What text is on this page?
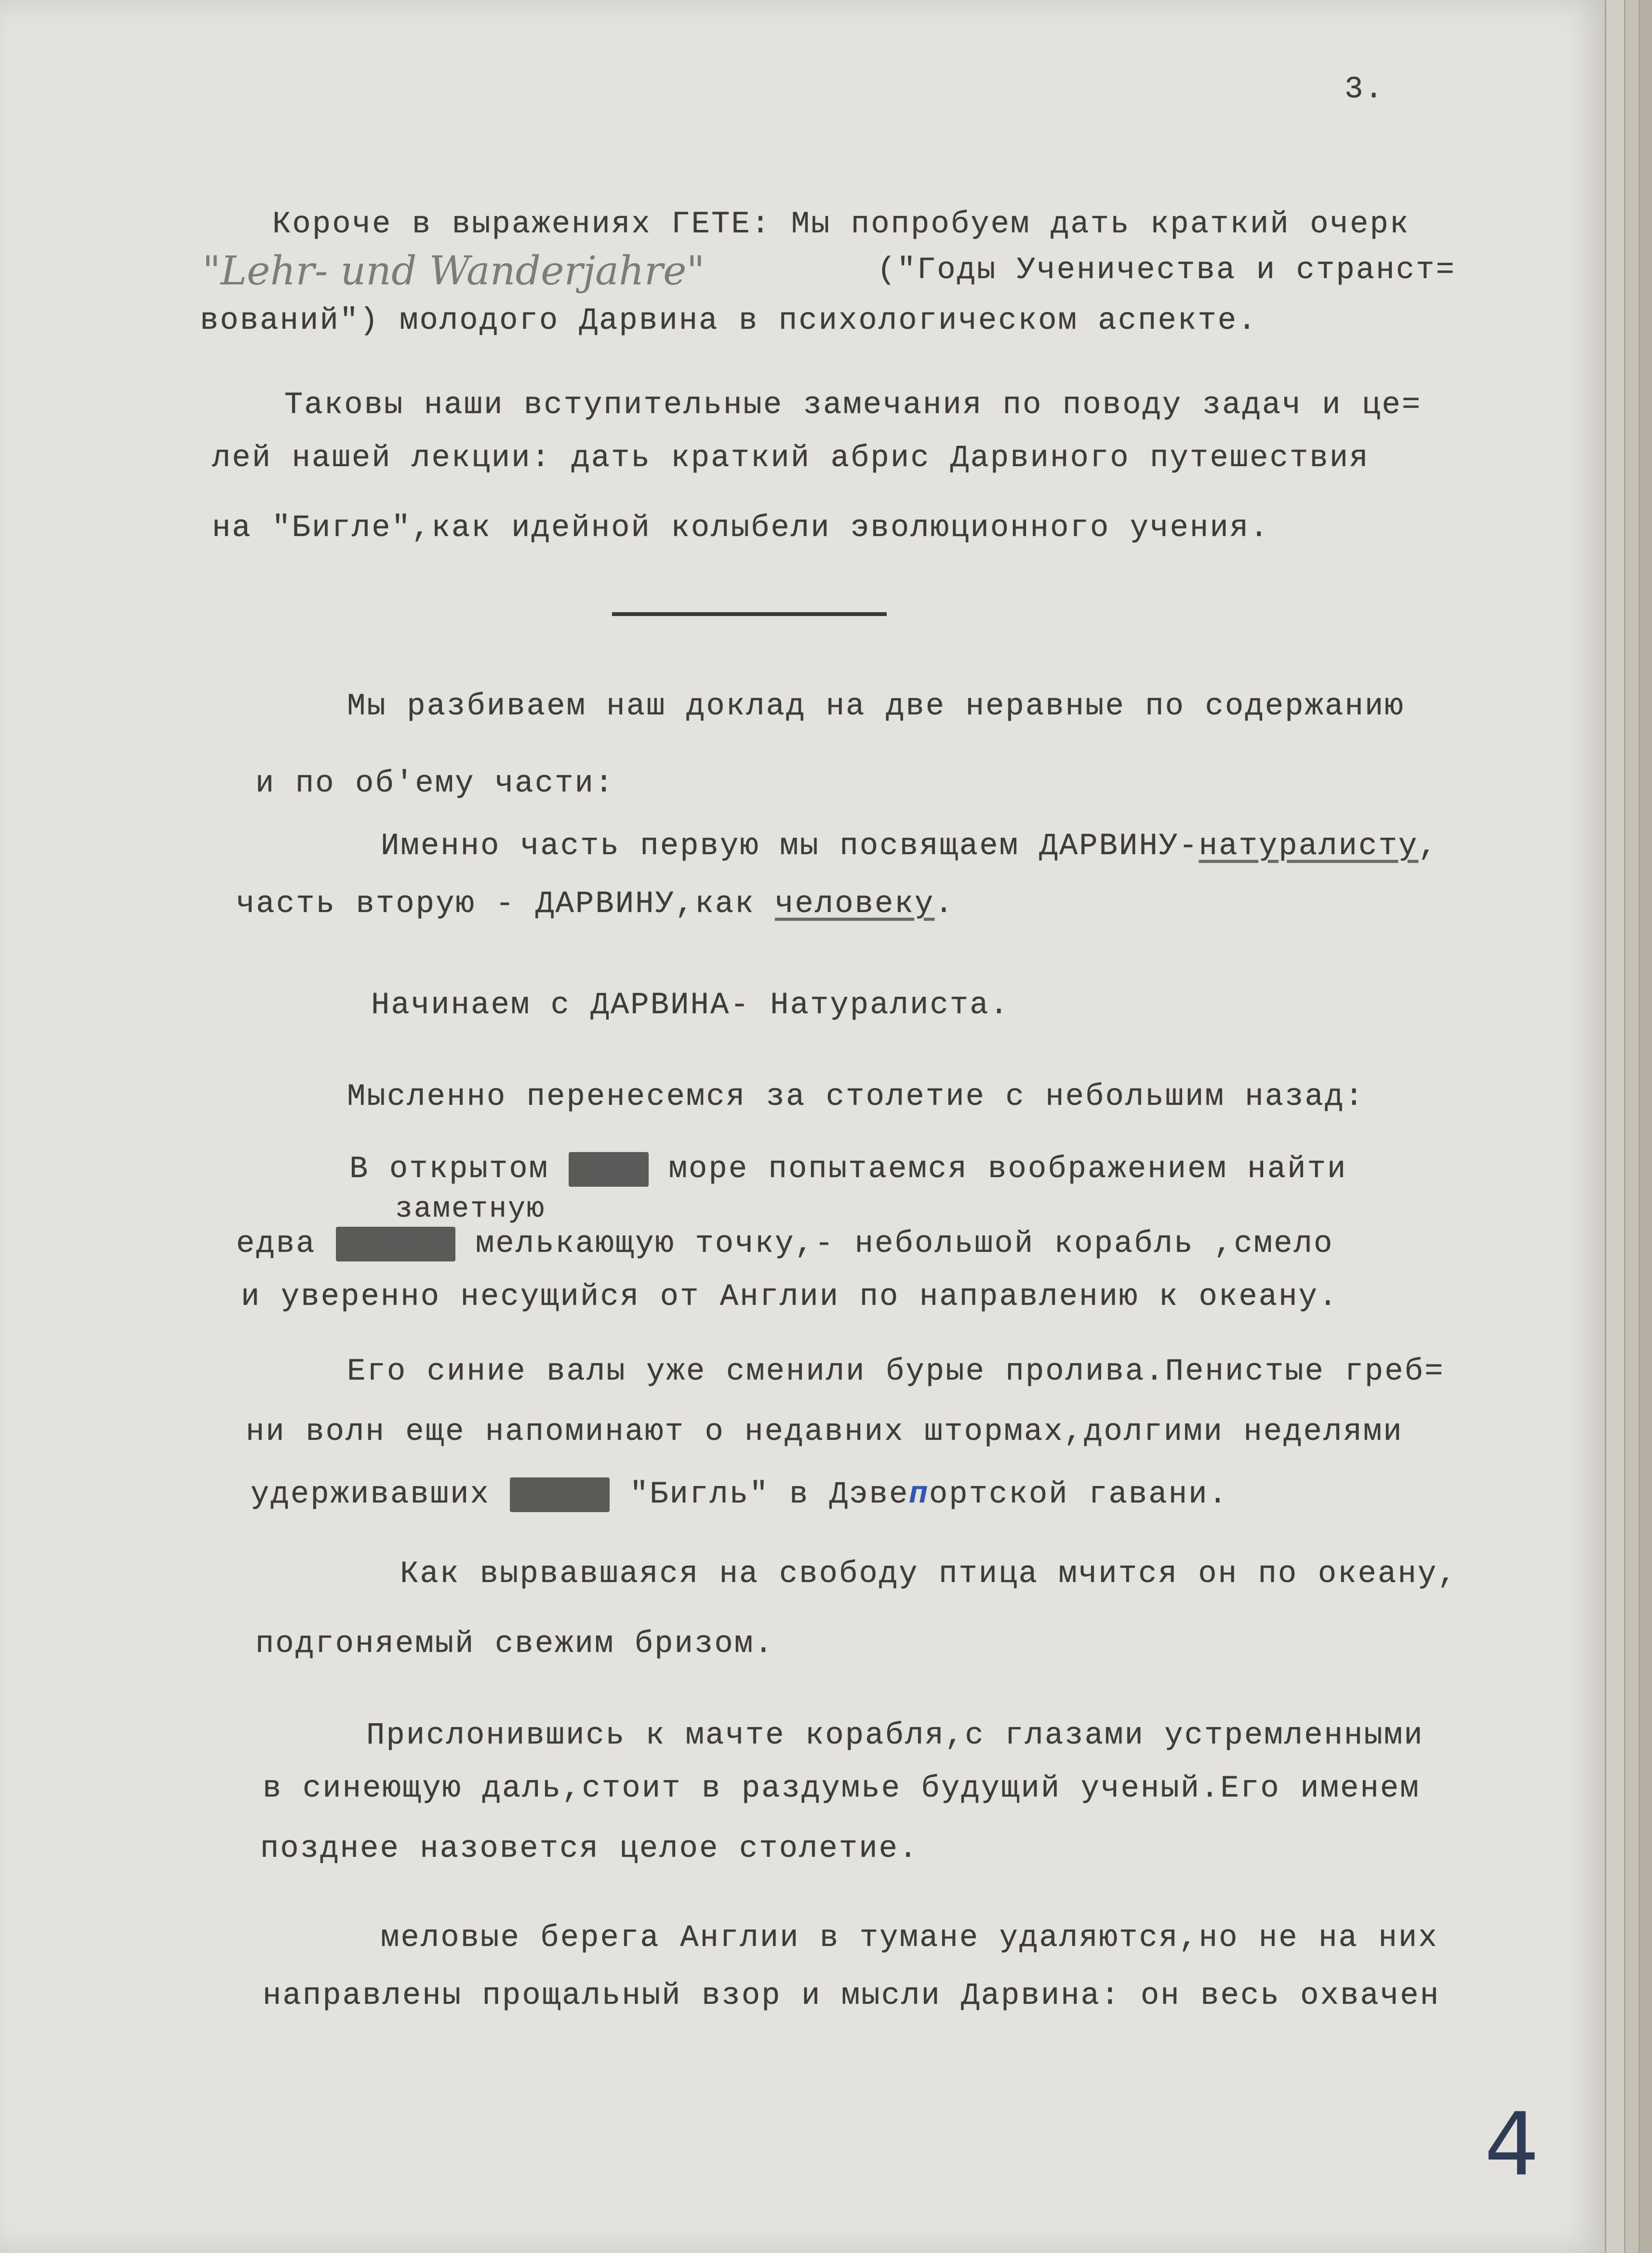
3.
Короче в выражениях ГЕТЕ: Мы попробуем дать краткий очерк
"Lehr- und Wanderjahre"	("Годы Ученичества и странст=
вований") молодого Дарвина в психологическом аспекте.
Таковы наши вступительные замечания по поводу задач и це=
лей нашей лекции: дать краткий абрис Дарвиного путешествия
на "Бигле",как идейной колыбели эволюционного учения.
Мы разбиваем наш доклад на две неравные по содержанию
и по об'ему части:
Именно часть первую мы посвящаем ДАРВИНУ-натуралисту,
часть вторую - ДАРВИНУ,как человеку.
Начинаем с ДАРВИНА- Натуралиста.
Мысленно перенесемся за столетие с небольшим назад:
В открытом шшшш море попытаемся воображением найти
заметную
едва шшшшшш мелькающую точку,- небольшой корабль ,смело
и уверенно несущийся от Англии по направлению к океану.
Его синие валы уже сменили бурые пролива.Пенистые греб=
ни волн еще напоминают о недавних штормах,долгими неделями
удерживавших шшшшш "Бигль" в Дэвепортской гавани.
Как вырвавшаяся на свободу птица мчится он по океану,
подгоняемый свежим бризом.
Прислонившись к мачте корабля,с глазами устремленными
в синеющую даль,стоит в раздумье будущий ученый.Его именем
позднее назовется целое столетие.
меловые берега Англии в тумане удаляются,но не на них
направлены прощальный взор и мысли Дарвина: он весь охвачен
4
